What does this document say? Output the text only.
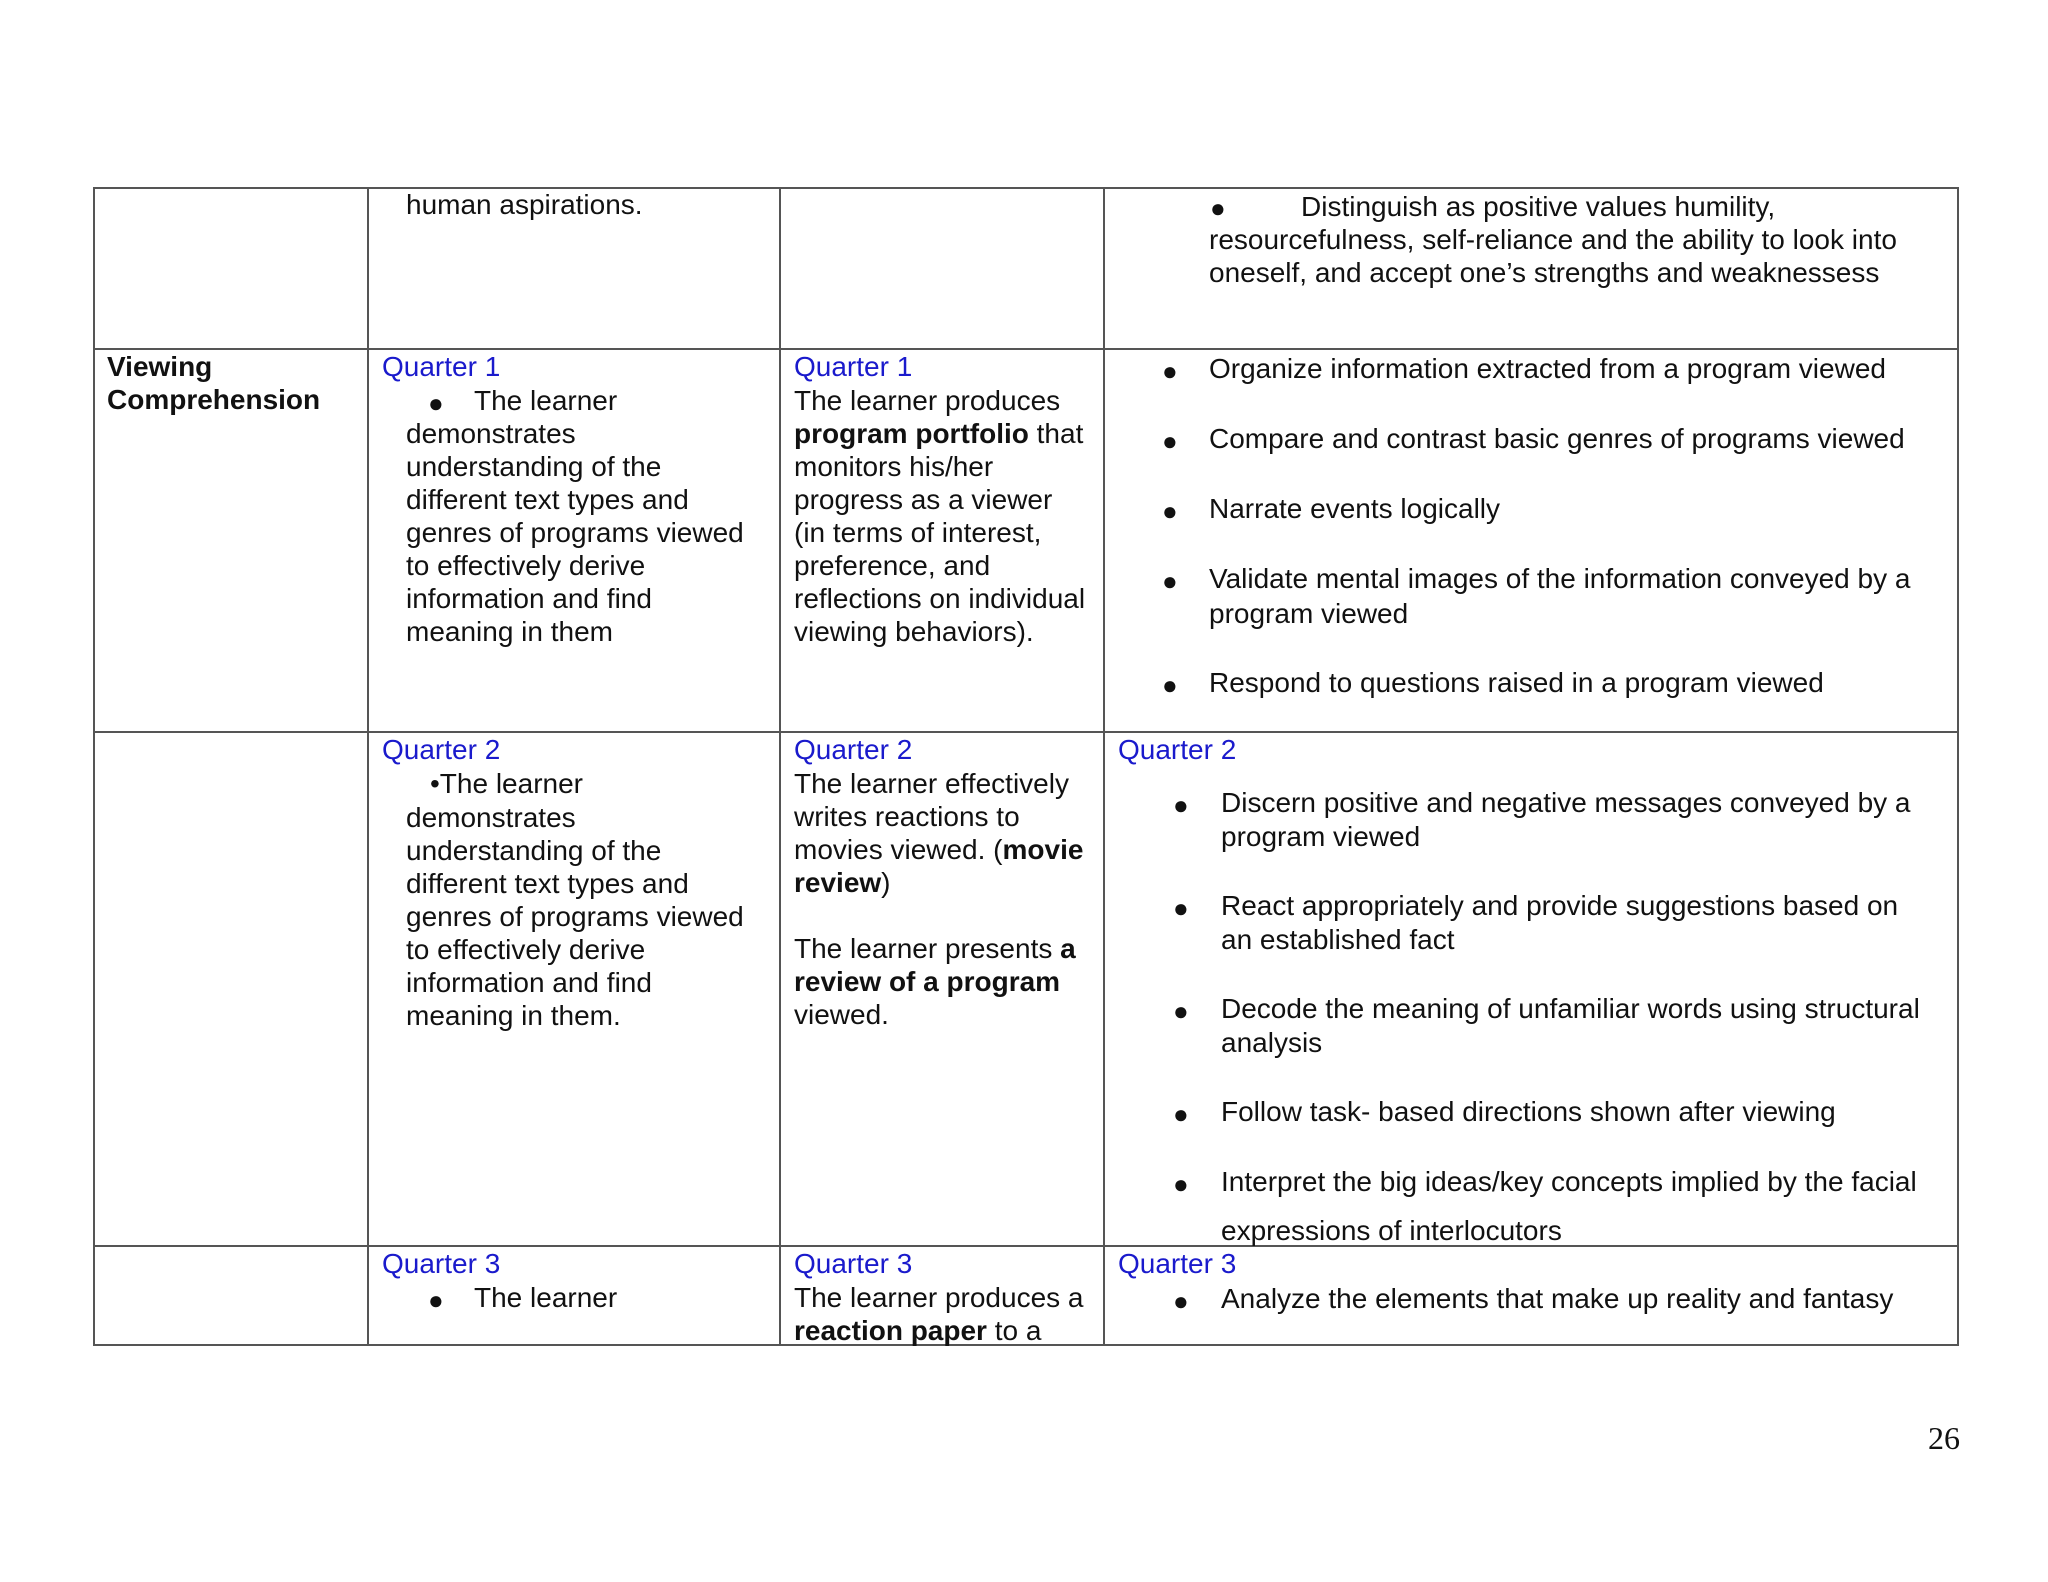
human aspirations.	●	Distinguish as positive values humility, resourcefulness, self-reliance and the ability to look into oneself, and accept one’s strengths and weaknessess
Viewing
Comprehension
Quarter 1
● The learner
demonstrates
understanding of the
different text types and
genres of programs viewed
to effectively derive
information and find
meaning in them
Quarter 1
The learner produces
program portfolio that
monitors his/her
progress as a viewer
(in terms of interest,
preference, and
reflections on individual
viewing behaviors).
● Organize information extracted from a program viewed
● Compare and contrast basic genres of programs viewed
● Narrate events logically
● Validate mental images of the information conveyed by a
program viewed
● Respond to questions raised in a program viewed
Quarter 2
•The learner
demonstrates
understanding of the
different text types and
genres of programs viewed
to effectively derive
information and find
meaning in them.
Quarter 2
The learner effectively
writes reactions to
movies viewed. (movie
review)
The learner presents a
review of a program
viewed.
Quarter 2
● Discern positive and negative messages conveyed by a
program viewed
● React appropriately and provide suggestions based on
an established fact
● Decode the meaning of unfamiliar words using structural
analysis
● Follow task- based directions shown after viewing
● Interpret the big ideas/key concepts implied by the facial
expressions of interlocutors
Quarter 3
● The learner
Quarter 3
The learner produces a
reaction paper to a
Quarter 3
● Analyze the elements that make up reality and fantasy
26
